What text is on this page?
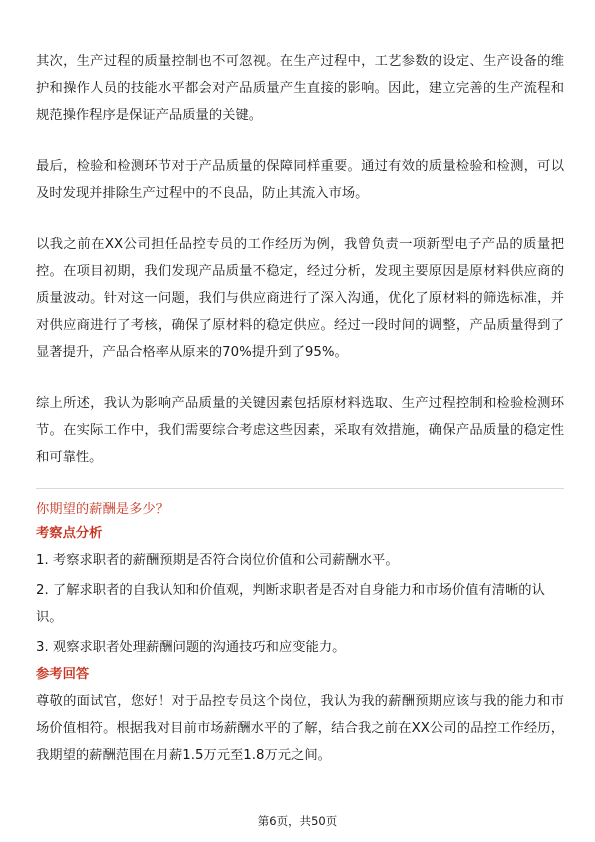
其次，生产过程的质量控制也不可忽视。在生产过程中，工艺参数的设定、生产设备的维护和操作人员的技能水平都会对产品质量产生直接的影响。因此，建立完善的生产流程和规范操作程序是保证产品质量的关键。

最后，检验和检测环节对于产品质量的保障同样重要。通过有效的质量检验和检测，可以及时发现并排除生产过程中的不良品，防止其流入市场。

以我之前在XX公司担任品控专员的工作经历为例，我曾负责一项新型电子产品的质量把控。在项目初期，我们发现产品质量不稳定，经过分析，发现主要原因是原材料供应商的质量波动。针对这一问题，我们与供应商进行了深入沟通，优化了原材料的筛选标准，并对供应商进行了考核，确保了原材料的稳定供应。经过一段时间的调整，产品质量得到了显著提升，产品合格率从原来的70%提升到了95%。

综上所述，我认为影响产品质量的关键因素包括原材料选取、生产过程控制和检验检测环节。在实际工作中，我们需要综合考虑这些因素，采取有效措施，确保产品质量的稳定性和可靠性。

你期望的薪酬是多少？
考察点分析

1. 考察求职者的薪酬预期是否符合岗位价值和公司薪酬水平。

2. 了解求职者的自我认知和价值观，判断求职者是否对自身能力和市场价值有清晰的认识。

3. 观察求职者处理薪酬问题的沟通技巧和应变能力。

参考回答

尊敬的面试官，您好！对于品控专员这个岗位，我认为我的薪酬预期应该与我的能力和市场价值相符。根据我对目前市场薪酬水平的了解，结合我之前在XX公司的品控工作经历，我期望的薪酬范围在月薪1.5万元至1.8万元之间。

第6页，共50页
